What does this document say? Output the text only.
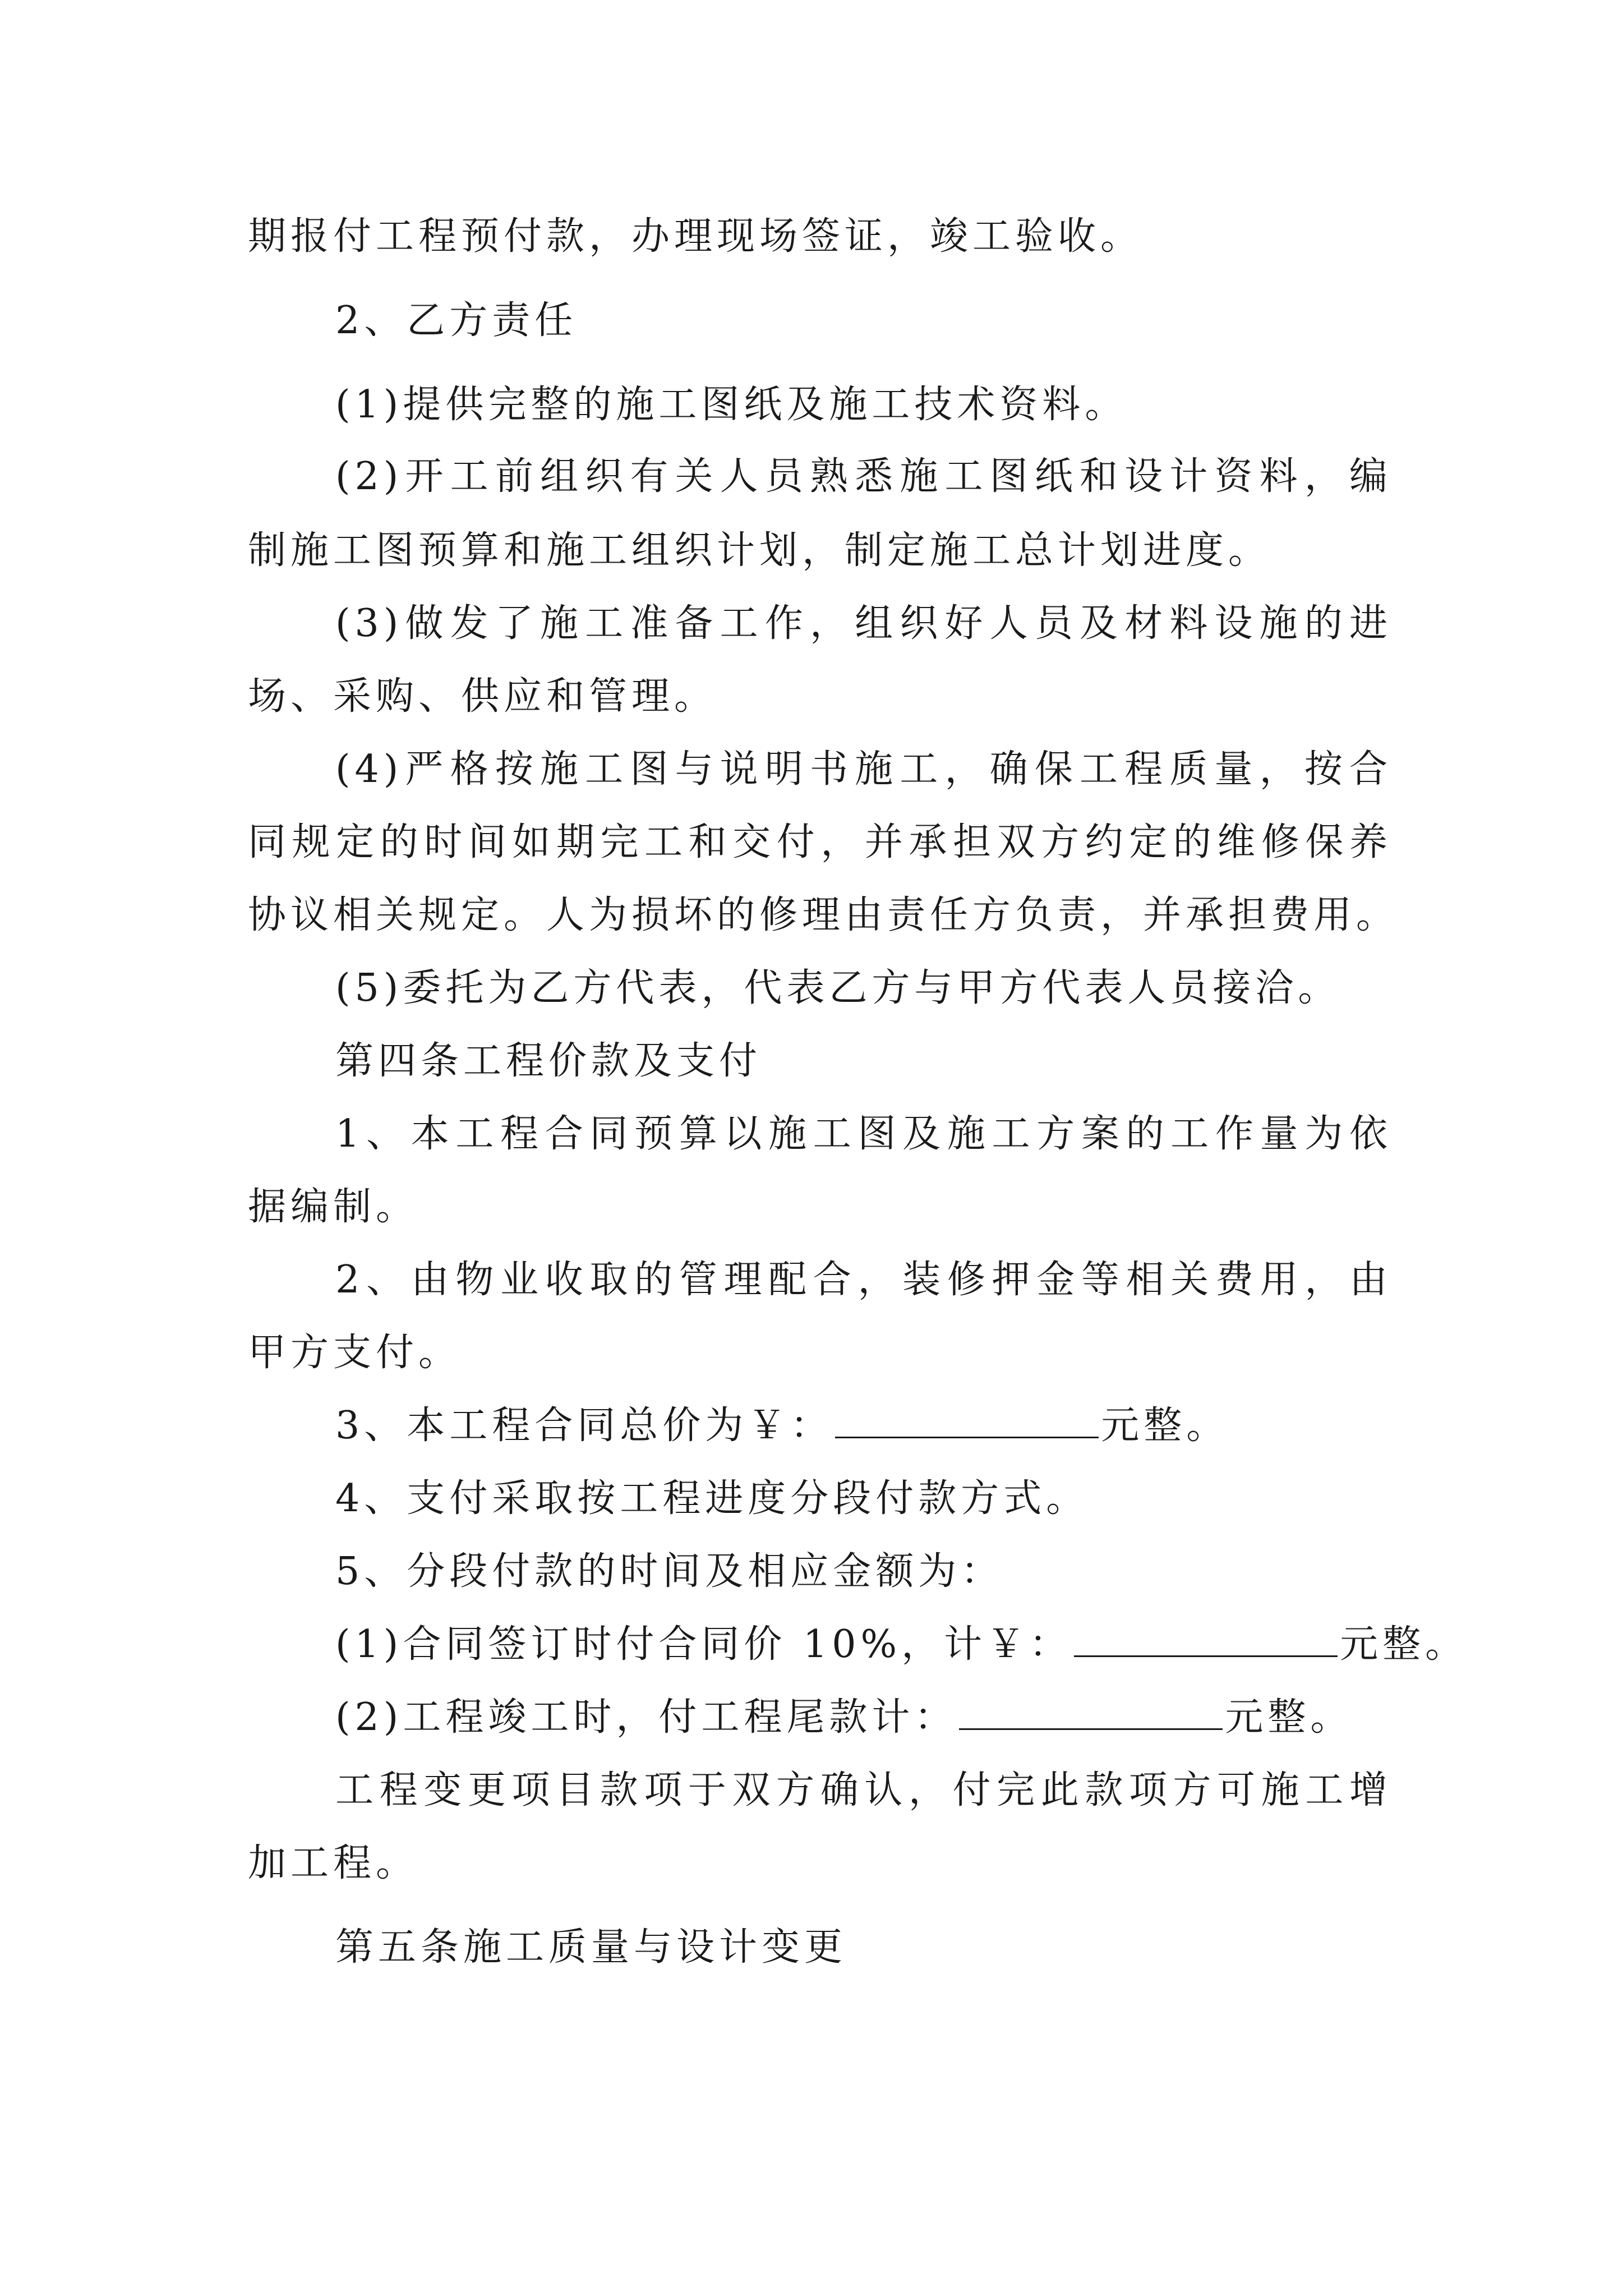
期报付工程预付款，办理现场签证，竣工验收。
2、乙方责任
(1)提供完整的施工图纸及施工技术资料。
(2)开工前组织有关人员熟悉施工图纸和设计资料，编
制施工图预算和施工组织计划，制定施工总计划进度。
(3)做发了施工准备工作，组织好人员及材料设施的进
场、采购、供应和管理。
(4)严格按施工图与说明书施工，确保工程质量，按合
同规定的时间如期完工和交付，并承担双方约定的维修保养
协议相关规定。人为损坏的修理由责任方负责，并承担费用。
(5)委托为乙方代表，代表乙方与甲方代表人员接洽。
第四条工程价款及支付
1、本工程合同预算以施工图及施工方案的工作量为依
据编制。
2、由物业收取的管理配合，装修押金等相关费用，由
甲方支付。
3、本工程合同总价为￥：	元整。
4、支付采取按工程进度分段付款方式。
5、分段付款的时间及相应金额为：
(1)合同签订时付合同价 10%，计￥：	元整。
(2)工程竣工时，付工程尾款计：	元整。
工程变更项目款项于双方确认，付完此款项方可施工增
加工程。
第五条施工质量与设计变更
